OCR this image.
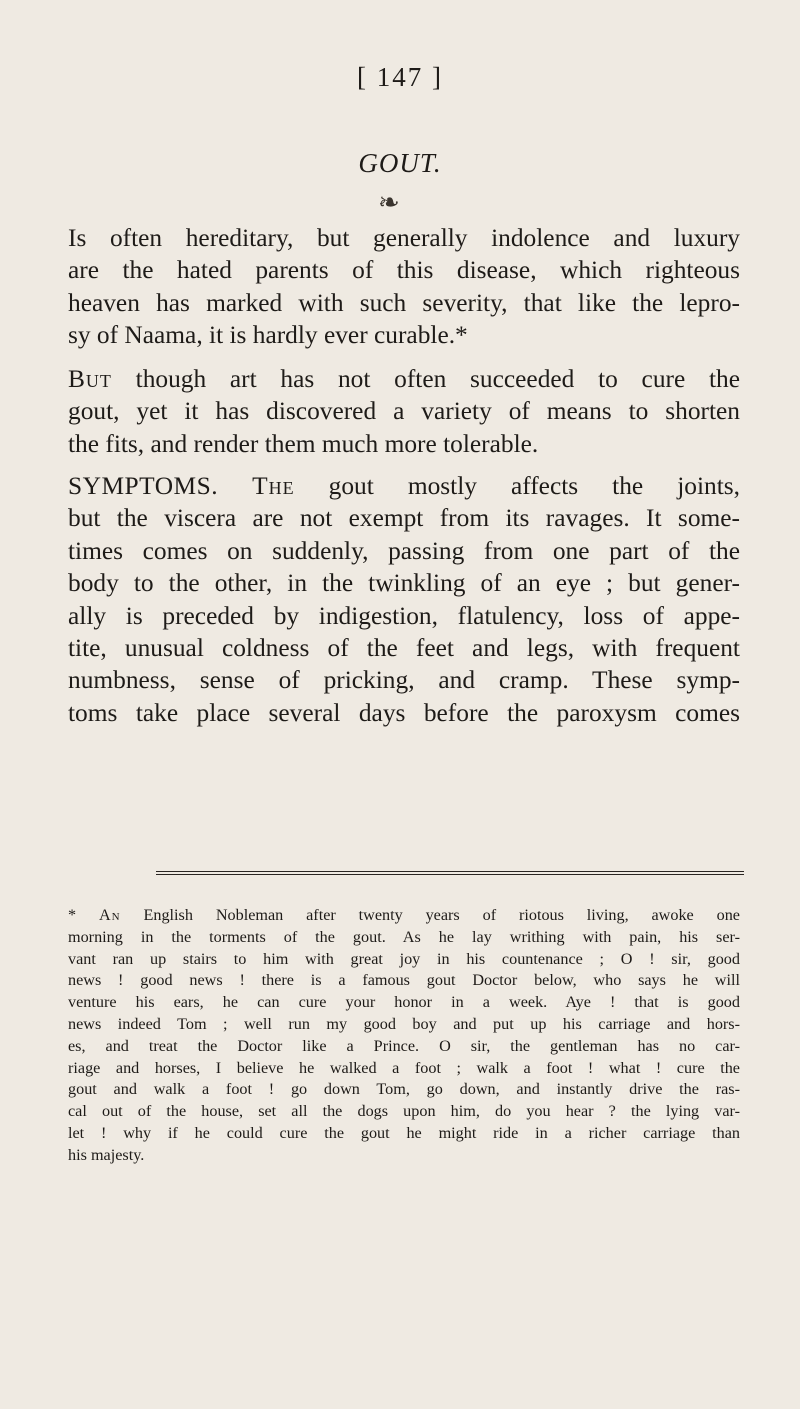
[ 147 ]
GOUT.
❧
Is often hereditary, but generally indolence and luxury
are the hated parents of this disease, which righteous
heaven has marked with such severity, that like the lepro-
sy of Naama, it is hardly ever curable.*
But though art has not often succeeded to cure the
gout, yet it has discovered a variety of means to shorten
the fits, and render them much more tolerable.
SYMPTOMS. The gout mostly affects the joints,
but the viscera are not exempt from its ravages. It some-
times comes on suddenly, passing from one part of the
body to the other, in the twinkling of an eye ; but gener-
ally is preceded by indigestion, flatulency, loss of appe-
tite, unusual coldness of the feet and legs, with frequent
numbness, sense of pricking, and cramp. These symp-
toms take place several days before the paroxysm comes
* An English Nobleman after twenty years of riotous living, awoke one
morning in the torments of the gout. As he lay writhing with pain, his ser-
vant ran up stairs to him with great joy in his countenance ; O ! sir, good
news ! good news ! there is a famous gout Doctor below, who says he will
venture his ears, he can cure your honor in a week. Aye ! that is good
news indeed Tom ; well run my good boy and put up his carriage and hors-
es, and treat the Doctor like a Prince. O sir, the gentleman has no car-
riage and horses, I believe he walked a foot ; walk a foot ! what ! cure the
gout and walk a foot ! go down Tom, go down, and instantly drive the ras-
cal out of the house, set all the dogs upon him, do you hear ? the lying var-
let ! why if he could cure the gout he might ride in a richer carriage than
his majesty.
